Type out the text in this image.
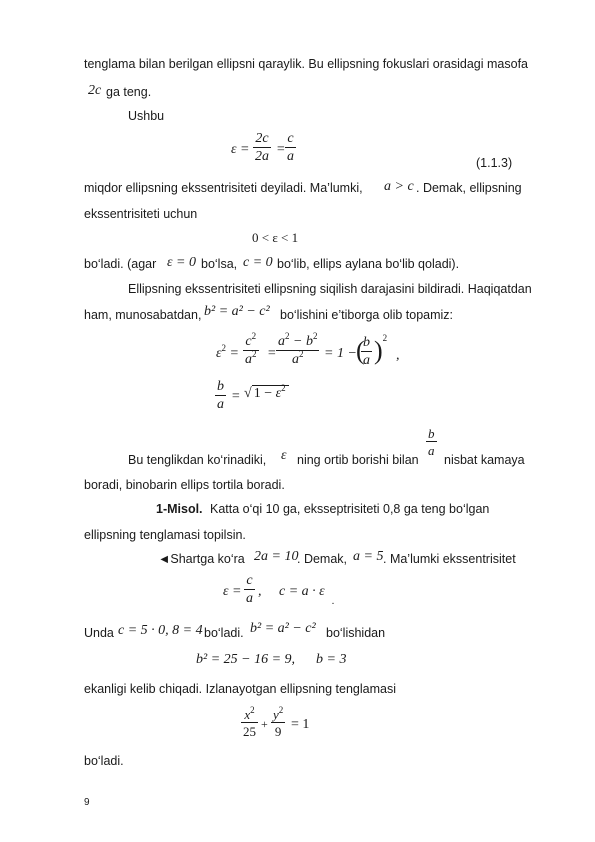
tenglama bilan berilgan ellipsni qaraylik. Bu ellipsning fokuslari orasidagi masofa
2c ga teng.
Ushbu
$\varepsilon = \frac{2c}{2a} = \frac{c}{a}$	(1.1.3)
miqdor ellipsning ekssentrisiteti deyiladi. Ma’lumki, a > c . Demak, ellipsning
ekssentrisiteti uchun
0 < ε < 1
bo‘ladi. (agar ε = 0 bo‘lsa, c = 0 bo‘lib, ellips aylana bo‘lib qoladi).
Ellipsning ekssentrisiteti ellipsning siqilish darajasini bildiradi. Haqiqatdan
ham, munosabatdan, b² = a² − c² bo‘lishini e’tiborga olib topamiz:
$\varepsilon^2 = \frac{c^2}{a^2} = \frac{a^2 - b^2}{a^2} = 1$ − (
$\frac{b}{a} )^2$
,
$\frac{b}{a}$ = √ $1 - \varepsilon^2$
$\frac{b}{a}$
Bu tenglikdan ko‘rinadiki, ε ning ortib borishi bilan nisbat kamaya
boradi, binobarin ellips tortila boradi.
1-Misol. Katta o‘qi 10 ga, eksseptrisiteti 0,8 ga teng bo‘lgan
ellipsning tenglamasi topilsin.
◄Shartga ko‘ra 2a = 10
. Demak, a = 5 . Ma’lumki ekssentrisitet
$\varepsilon = \frac{c}{a}$ ,     c = a · ε
.
Unda c = 5 · 0, 8 = 4 bo‘ladi. b² = a² − c² bo‘lishidan
b² = 25 − 16 = 9,      b = 3
ekanligi kelib chiqadi. Izlanayotgan ellipsning tenglamasi
$\frac{x^2}{25} + \frac{y^2}{9} = 1$
bo‘ladi.
9
